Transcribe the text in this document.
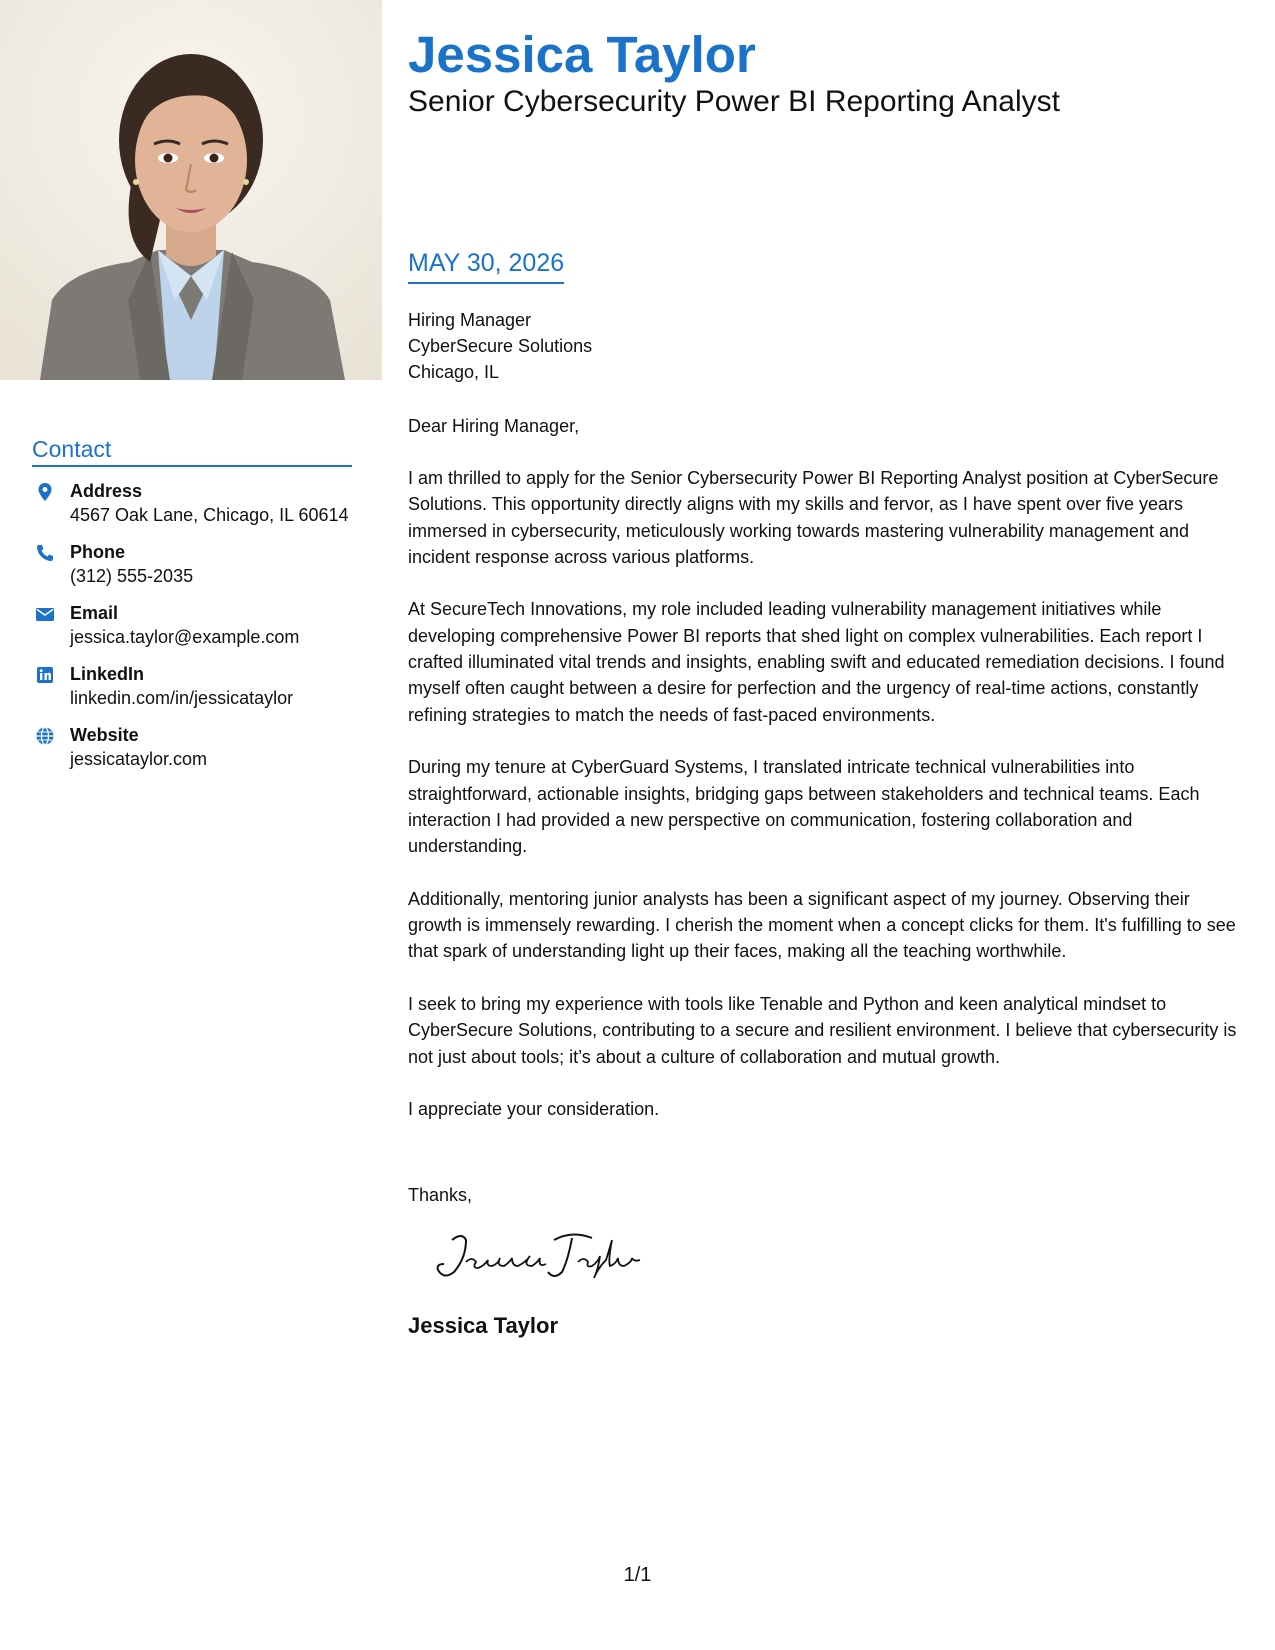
Contact
Address
4567 Oak Lane, Chicago, IL 60614
Phone
(312) 555-2035
Email
jessica.taylor@example.com
LinkedIn
linkedin.com/in/jessicataylor
Website
jessicataylor.com
Jessica Taylor
Senior Cybersecurity Power BI Reporting Analyst
MAY 30, 2026
Hiring Manager
CyberSecure Solutions
Chicago, IL
Dear Hiring Manager,

I am thrilled to apply for the Senior Cybersecurity Power BI Reporting Analyst position at CyberSecure Solutions. This opportunity directly aligns with my skills and fervor, as I have spent over five years immersed in cybersecurity, meticulously working towards mastering vulnerability management and incident response across various platforms.

At SecureTech Innovations, my role included leading vulnerability management initiatives while developing comprehensive Power BI reports that shed light on complex vulnerabilities. Each report I crafted illuminated vital trends and insights, enabling swift and educated remediation decisions. I found myself often caught between a desire for perfection and the urgency of real-time actions, constantly refining strategies to match the needs of fast-paced environments.

During my tenure at CyberGuard Systems, I translated intricate technical vulnerabilities into straightforward, actionable insights, bridging gaps between stakeholders and technical teams. Each interaction I had provided a new perspective on communication, fostering collaboration and understanding.

Additionally, mentoring junior analysts has been a significant aspect of my journey. Observing their growth is immensely rewarding. I cherish the moment when a concept clicks for them. It's fulfilling to see that spark of understanding light up their faces, making all the teaching worthwhile.

I seek to bring my experience with tools like Tenable and Python and keen analytical mindset to CyberSecure Solutions, contributing to a secure and resilient environment. I believe that cybersecurity is not just about tools; it’s about a culture of collaboration and mutual growth.

I appreciate your consideration.

Thanks,
Jessica Taylor
1/1
